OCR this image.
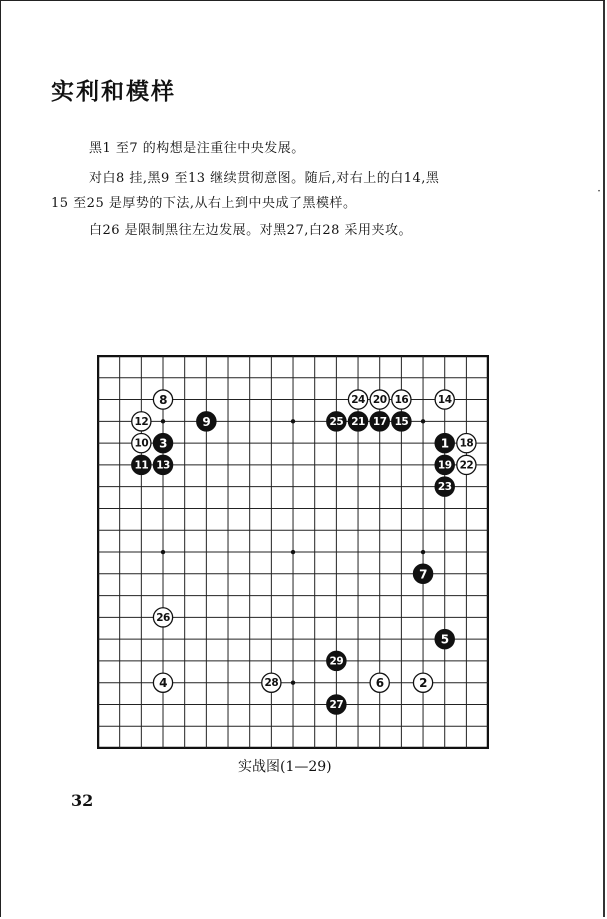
实利和模样

黑1 至7 的构想是注重往中央发展。

对白8 挂,黑9 至13 继续贯彻意图。随后,对右上的白14,黑

15 至25 是厚势的下法,从右上到中央成了黑模样。

白26 是限制黑往左边发展。对黑27,白28 采用夹攻。

·
1
2
3
4
5
6
7
8
9
10
11
12
13
14
15
16
17
18
19
20
21
22
23
24
25
26
27
28
29
实战图(1—29)
32
